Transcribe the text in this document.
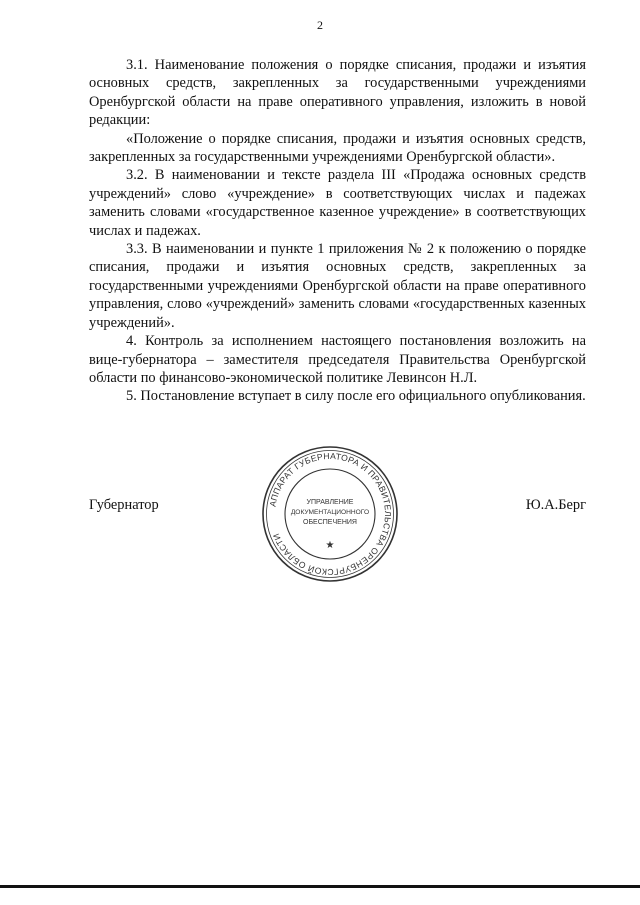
2

3.1. Наименование положения о порядке списания, продажи и изъятия основных средств, закрепленных за государственными учреждениями Оренбургской области на праве оперативного управления, изложить в новой редакции:

«Положение о порядке списания, продажи и изъятия основных средств, закрепленных за государственными учреждениями Оренбургской области».

3.2. В наименовании и тексте раздела III «Продажа основных средств учреждений» слово «учреждение» в соответствующих числах и падежах заменить словами «государственное казенное учреждение» в соответствующих числах и падежах.

3.3. В наименовании и пункте 1 приложения № 2 к положению о порядке списания, продажи и изъятия основных средств, закрепленных за государственными учреждениями Оренбургской области на праве оперативного управления, слово «учреждений» заменить словами «государственных казенных учреждений».

4. Контроль за исполнением настоящего постановления возложить на вице-губернатора – заместителя председателя Правительства Оренбургской области по финансово-экономической политике Левинсон Н.Л.

5. Постановление вступает в силу после его официального опубликования.

Губернатор	Ю.А.Берг
АППАРАТ ГУБЕРНАТОРА И ПРАВИТЕЛЬСТВА ОРЕНБУРГСКОЙ ОБЛАСТИ
★
УПРАВЛЕНИЕ
ДОКУМЕНТАЦИОННОГО
ОБЕСПЕЧЕНИЯ
